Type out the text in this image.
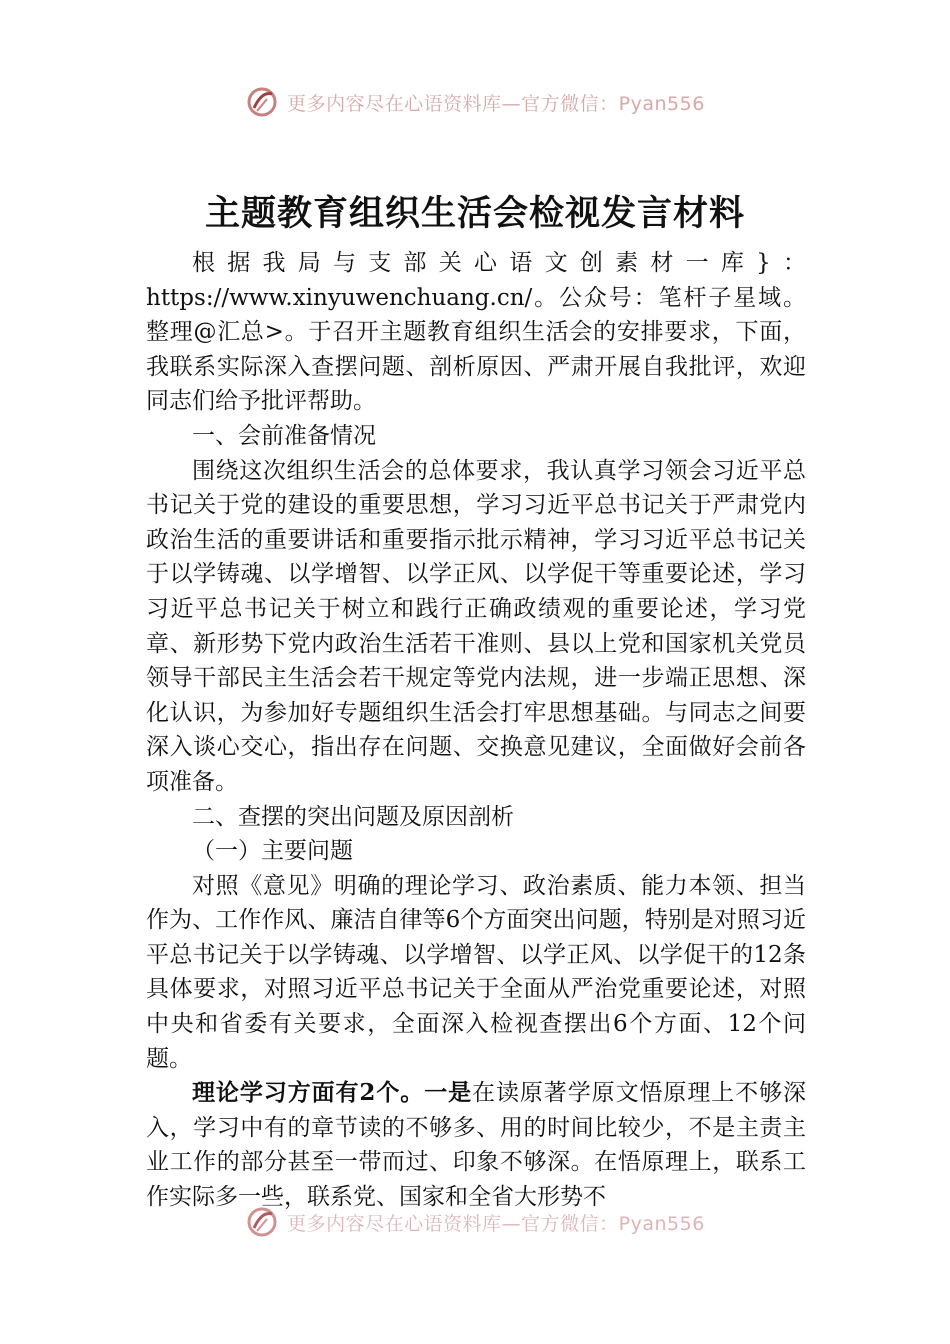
更多内容尽在心语资料库—官方微信：Pyan556
主题教育组织生活会检视发言材料

根据我局与支部关心语文创素材一库}：https://www.xinyuwenchuang.cn/。公众号：笔杆子星域。整理@汇总>。于召开主题教育组织生活会的安排要求，下面，我联系实际深入查摆问题、剖析原因、严肃开展自我批评，欢迎同志们给予批评帮助。

一、会前准备情况

围绕这次组织生活会的总体要求，我认真学习领会习近平总书记关于党的建设的重要思想，学习习近平总书记关于严肃党内政治生活的重要讲话和重要指示批示精神，学习习近平总书记关于以学铸魂、以学增智、以学正风、以学促干等重要论述，学习习近平总书记关于树立和践行正确政绩观的重要论述，学习党章、新形势下党内政治生活若干准则、县以上党和国家机关党员领导干部民主生活会若干规定等党内法规，进一步端正思想、深化认识，为参加好专题组织生活会打牢思想基础。与同志之间要深入谈心交心，指出存在问题、交换意见建议，全面做好会前各项准备。

二、查摆的突出问题及原因剖析

（一）主要问题

对照《意见》明确的理论学习、政治素质、能力本领、担当作为、工作作风、廉洁自律等6个方面突出问题，特别是对照习近平总书记关于以学铸魂、以学增智、以学正风、以学促干的12条具体要求，对照习近平总书记关于全面从严治党重要论述，对照中央和省委有关要求，全面深入检视查摆出6个方面、12个问题。

理论学习方面有2个。一是在读原著学原文悟原理上不够深入，学习中有的章节读的不够多、用的时间比较少，不是主责主业工作的部分甚至一带而过、印象不够深。在悟原理上，联系工作实际多一些，联系党、国家和全省大形势不

更多内容尽在心语资料库—官方微信：Pyan556
